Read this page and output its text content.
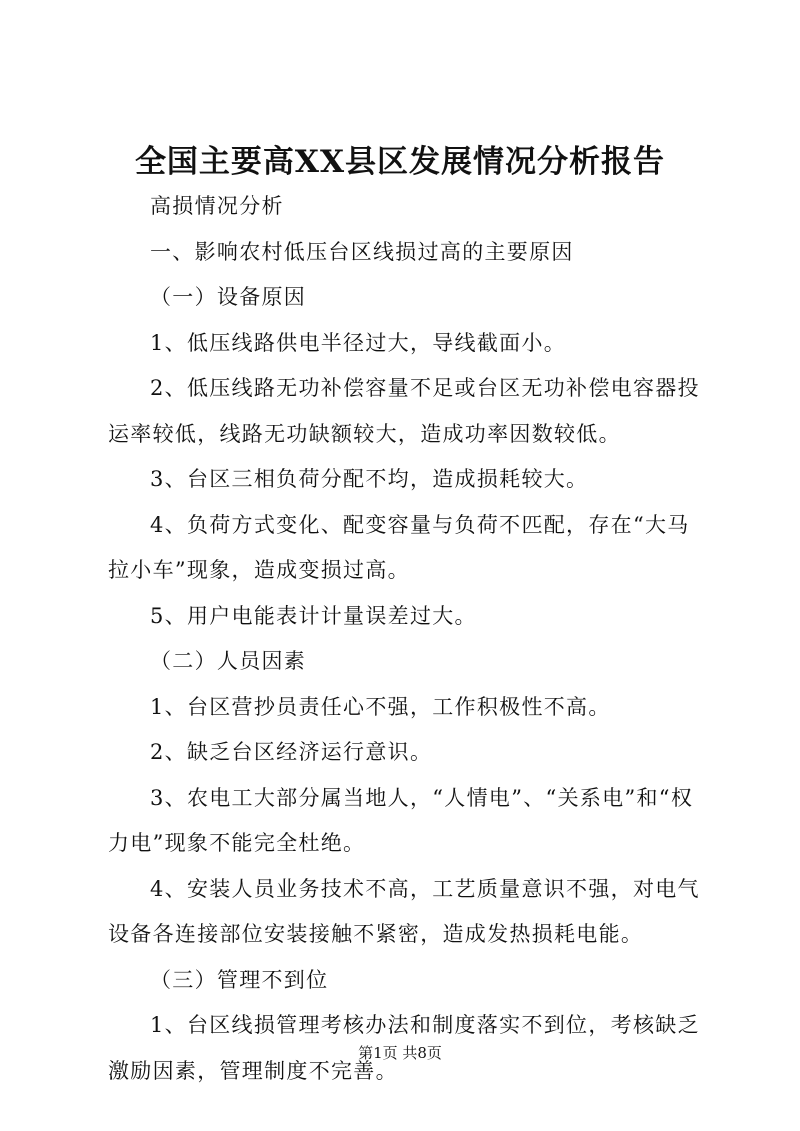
全国主要高XX县区发展情况分析报告

高损情况分析

一、影响农村低压台区线损过高的主要原因

（一）设备原因

1、低压线路供电半径过大，导线截面小。

2、低压线路无功补偿容量不足或台区无功补偿电容器投运率较低，线路无功缺额较大，造成功率因数较低。

3、台区三相负荷分配不均，造成损耗较大。

4、负荷方式变化、配变容量与负荷不匹配，存在“大马拉小车”现象，造成变损过高。

5、用户电能表计计量误差过大。

（二）人员因素

1、台区营抄员责任心不强，工作积极性不高。

2、缺乏台区经济运行意识。

3、农电工大部分属当地人，“人情电”、“关系电”和“权力电”现象不能完全杜绝。

4、安装人员业务技术不高，工艺质量意识不强，对电气设备各连接部位安装接触不紧密，造成发热损耗电能。

（三）管理不到位

1、台区线损管理考核办法和制度落实不到位，考核缺乏激励因素，管理制度不完善。

第1页 共8页
